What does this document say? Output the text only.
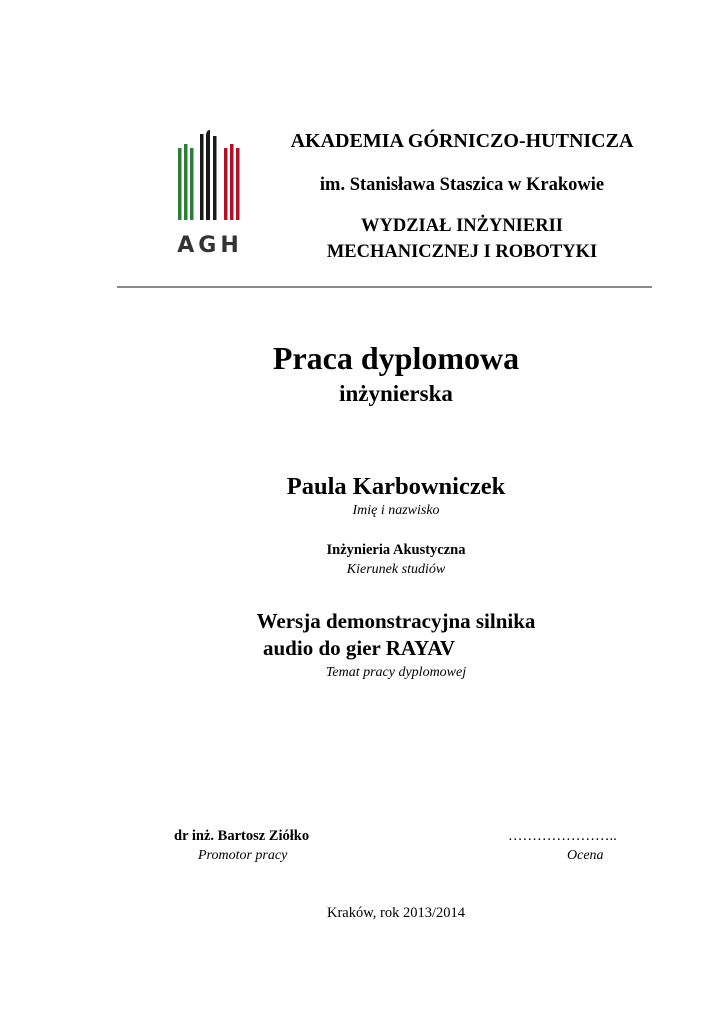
AGH
AKADEMIA GÓRNICZO-HUTNICZA
im. Stanisława Staszica w Krakowie
WYDZIAŁ INŻYNIERII
MECHANICZNEJ I ROBOTYKI
Praca dyplomowa
inżynierska
Paula Karbowniczek
Imię i nazwisko
Inżynieria Akustyczna
Kierunek studiów
Wersja demonstracyjna silnika
audio do gier RAYAV
Temat pracy dyplomowej
dr inż. Bartosz Ziółko
Promotor pracy
…………………..
Ocena
Kraków, rok 2013/2014
